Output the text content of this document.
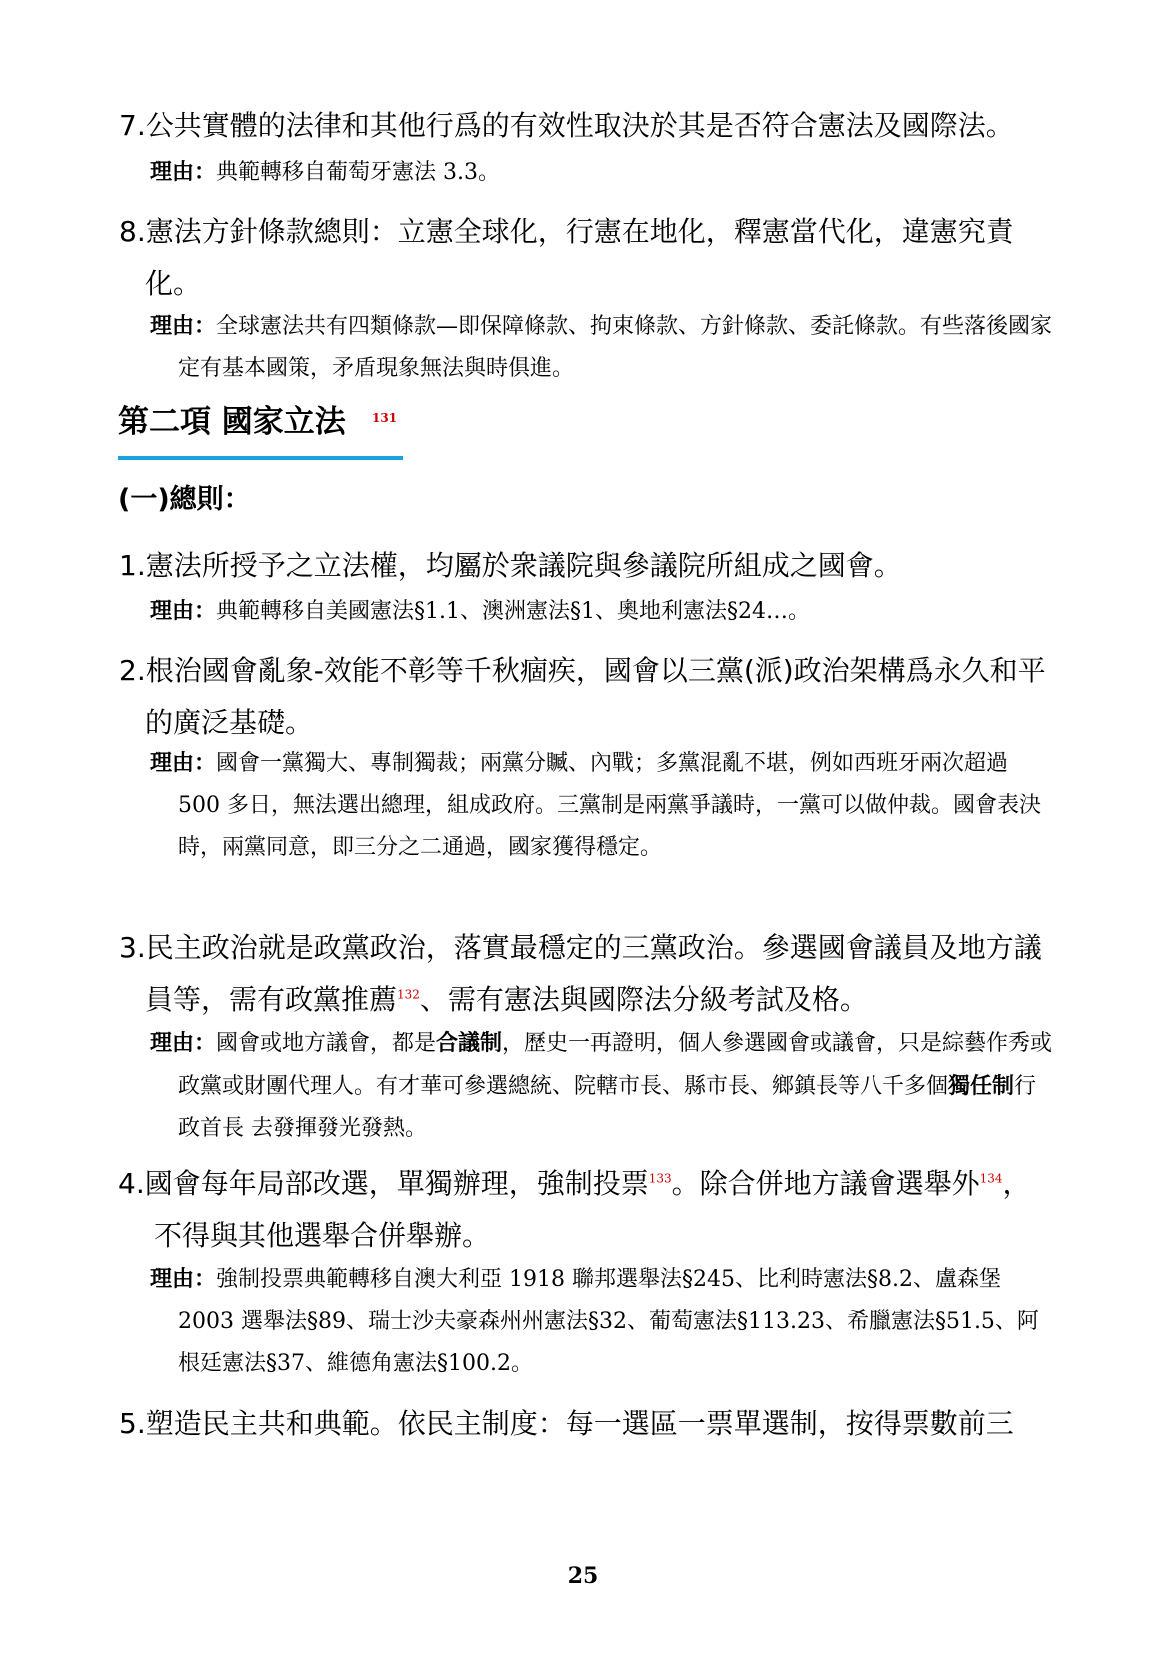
7.公共實體的法律和其他行爲的有效性取決於其是否符合憲法及國際法。
理由：典範轉移自葡萄牙憲法 3.3。
8.憲法方針條款總則：立憲全球化，行憲在地化，釋憲當代化，違憲究責化。
理由：全球憲法共有四類條款—即保障條款、拘束條款、方針條款、委託條款。有些落後國家定有基本國策，矛盾現象無法與時俱進。
第二項 國家立法 131
(一)總則：
1.憲法所授予之立法權，均屬於衆議院與參議院所組成之國會。
理由：典範轉移自美國憲法§1.1、澳洲憲法§1、奧地利憲法§24…。
2.根治國會亂象-效能不彰等千秋痼疾，國會以三黨(派)政治架構爲永久和平的廣泛基礎。
理由：國會一黨獨大、專制獨裁；兩黨分贓、內戰；多黨混亂不堪，例如西班牙兩次超過 500 多日，無法選出總理，組成政府。三黨制是兩黨爭議時，一黨可以做仲裁。國會表決時，兩黨同意，即三分之二通過，國家獲得穩定。
3.民主政治就是政黨政治，落實最穩定的三黨政治。參選國會議員及地方議員等，需有政黨推薦$^{132}$、需有憲法與國際法分級考試及格。
理由：國會或地方議會，都是合議制，歷史一再證明，個人參選國會或議會，只是綜藝作秀或政黨或財團代理人。有才華可參選總統、院轄市長、縣市長、鄉鎮長等八千多個獨任制行政首長 去發揮發光發熱。
4.國會每年局部改選，單獨辦理，強制投票$^{133}$。除合併地方議會選舉外$^{134}$，
不得與其他選舉合併舉辦。
理由：強制投票典範轉移自澳大利亞 1918 聯邦選舉法§245、比利時憲法§8.2、盧森堡 2003 選舉法§89、瑞士沙夫豪森州州憲法§32、葡萄憲法§113.23、希臘憲法§51.5、阿根廷憲法§37、維德角憲法§100.2。
5.塑造民主共和典範。依民主制度：每一選區一票單選制，按得票數前三
25
